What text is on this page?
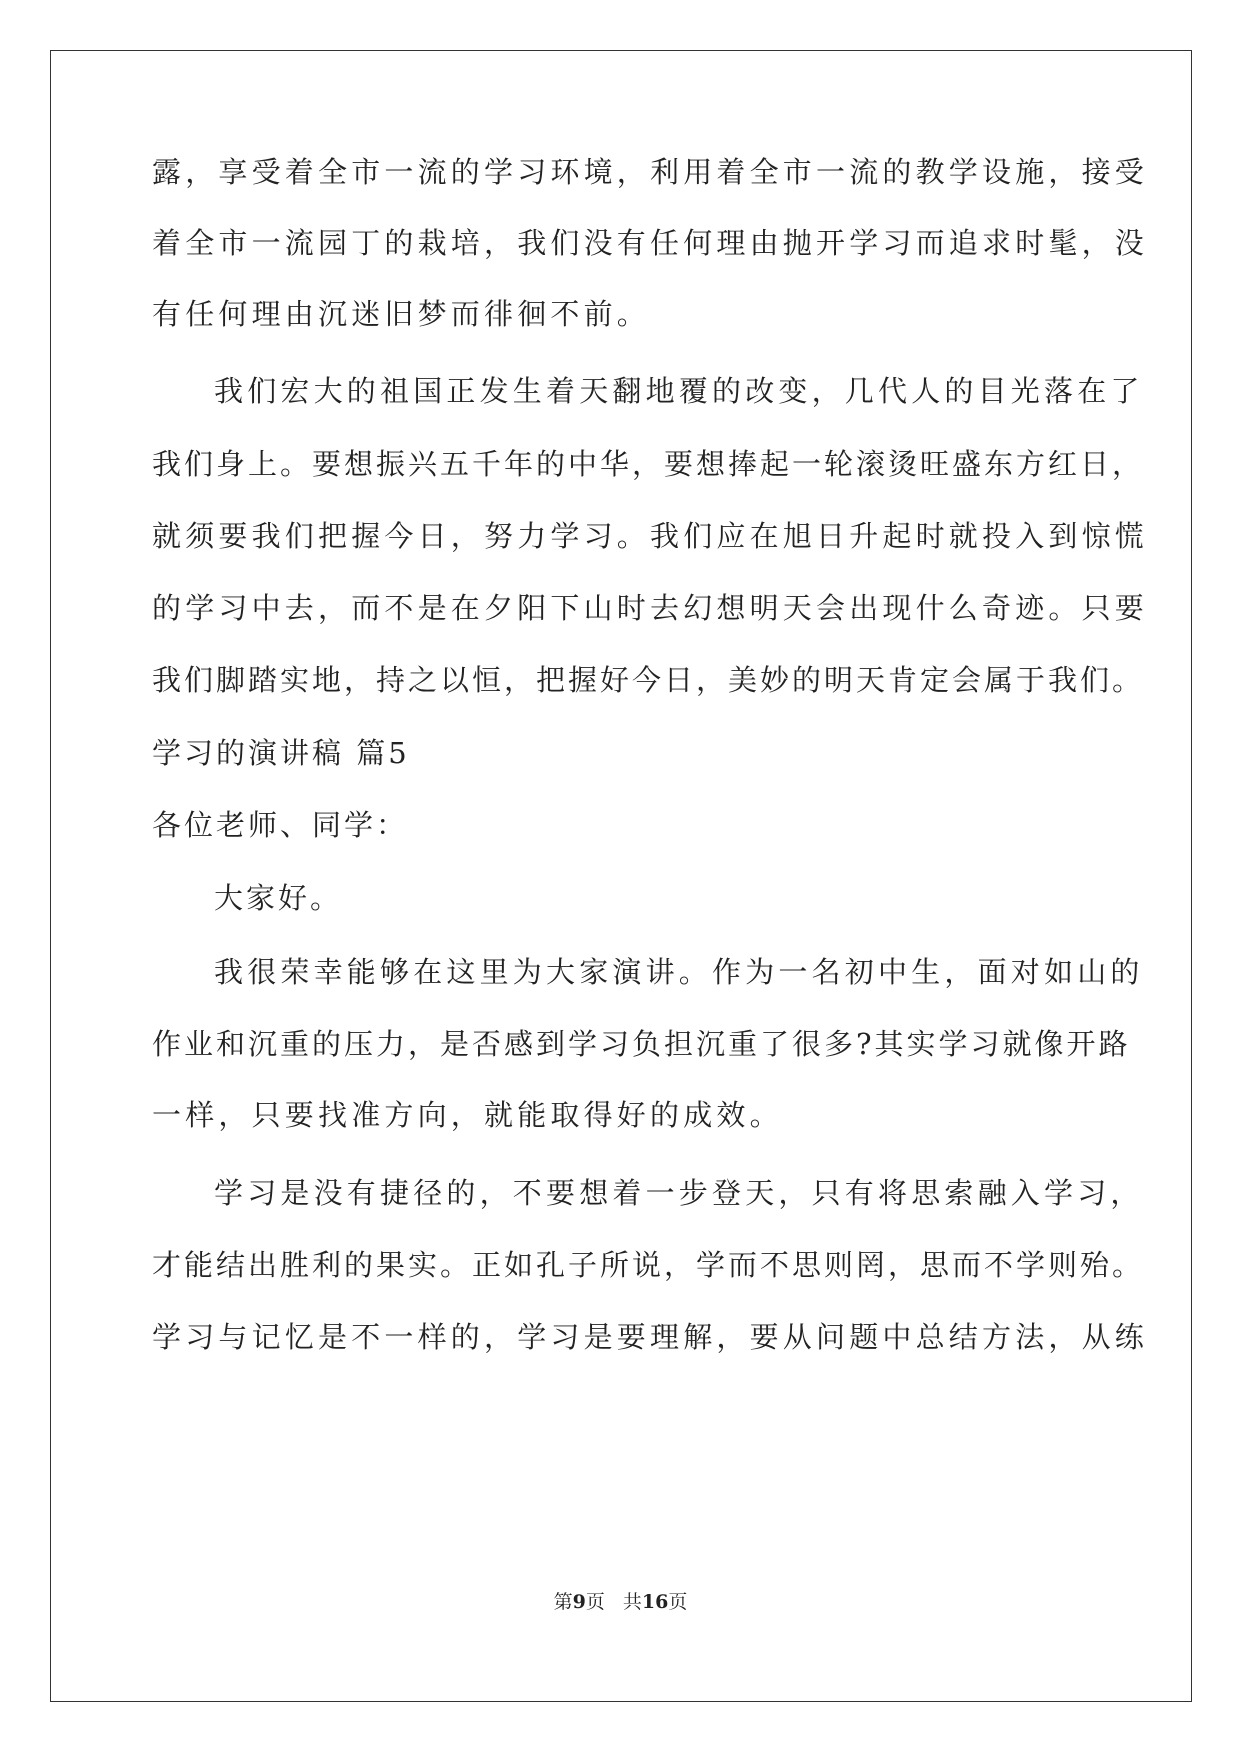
露，享受着全市一流的学习环境，利用着全市一流的教学设施，接受
着全市一流园丁的栽培，我们没有任何理由抛开学习而追求时髦，没
有任何理由沉迷旧梦而徘徊不前。
我们宏大的祖国正发生着天翻地覆的改变，几代人的目光落在了
我们身上。要想振兴五千年的中华，要想捧起一轮滚烫旺盛东方红日，
就须要我们把握今日，努力学习。我们应在旭日升起时就投入到惊慌
的学习中去，而不是在夕阳下山时去幻想明天会出现什么奇迹。只要
我们脚踏实地，持之以恒，把握好今日，美妙的明天肯定会属于我们。
学习的演讲稿 篇5
各位老师、同学：
大家好。
我很荣幸能够在这里为大家演讲。作为一名初中生，面对如山的
作业和沉重的压力，是否感到学习负担沉重了很多?其实学习就像开路
一样，只要找准方向，就能取得好的成效。
学习是没有捷径的，不要想着一步登天，只有将思索融入学习，
才能结出胜利的果实。正如孔子所说，学而不思则罔，思而不学则殆。
学习与记忆是不一样的，学习是要理解，要从问题中总结方法，从练
第9页 共16页
